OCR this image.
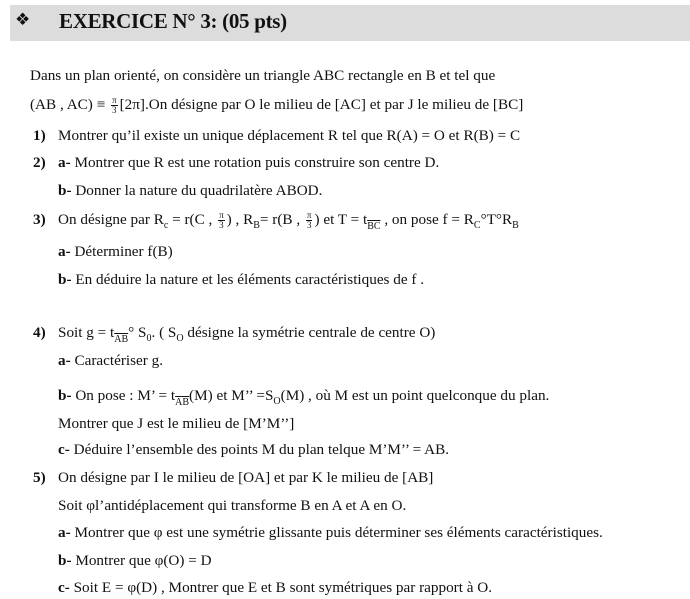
❖ EXERCICE N° 3: (05 pts)
Dans un plan orienté, on considère un triangle ABC rectangle en B et tel que
(AB , $AC) \equiv \frac{\pi}{3} [2\pi].On$ désigne par O le milieu de [AC] et par J le milieu de [BC]
1) Montrer qu’il existe un unique déplacement R tel que R(A) = O et R(B) = C
2) a- Montrer que R est une rotation puis construire son centre D.
b- Donner la nature du quadrilatère ABOD.
3) On désigne par $R_c = r(C$ , $\frac{\pi}{3}$ ) , $R_B= r(B$ , $\frac{\pi}{3}$ ) et $T = t_{\overline{BC}}$ , on pose $f = R_C^\circ T^\circ R_B$
a- Déterminer f(B)
b- En déduire la nature et les éléments caractéristiques de f .
4) Soit $g = t_{\overline{AB}}^\circ$ $S_0$. ( $S_O$ désigne la symétrie centrale de centre O)
a- Caractériser g.
b- On pose : M’ = $t_{\overline{AB}}(M)$ et M’’ $=S_O(M)$ , où M est un point quelconque du plan.
Montrer que J est le milieu de [M’M’’]
c- Déduire l’ensemble des points M du plan telque M’M’’ = AB.
5) On désigne par I le milieu de [OA] et par K le milieu de [AB]
Soit φl’antidéplacement qui transforme B en A et A en O.
a- Montrer que φ est une symétrie glissante puis déterminer ses éléments caractéristiques.
b- Montrer que φ(O) = D
c- Soit E = φ(D) , Montrer que E et B sont symétriques par rapport à O.
